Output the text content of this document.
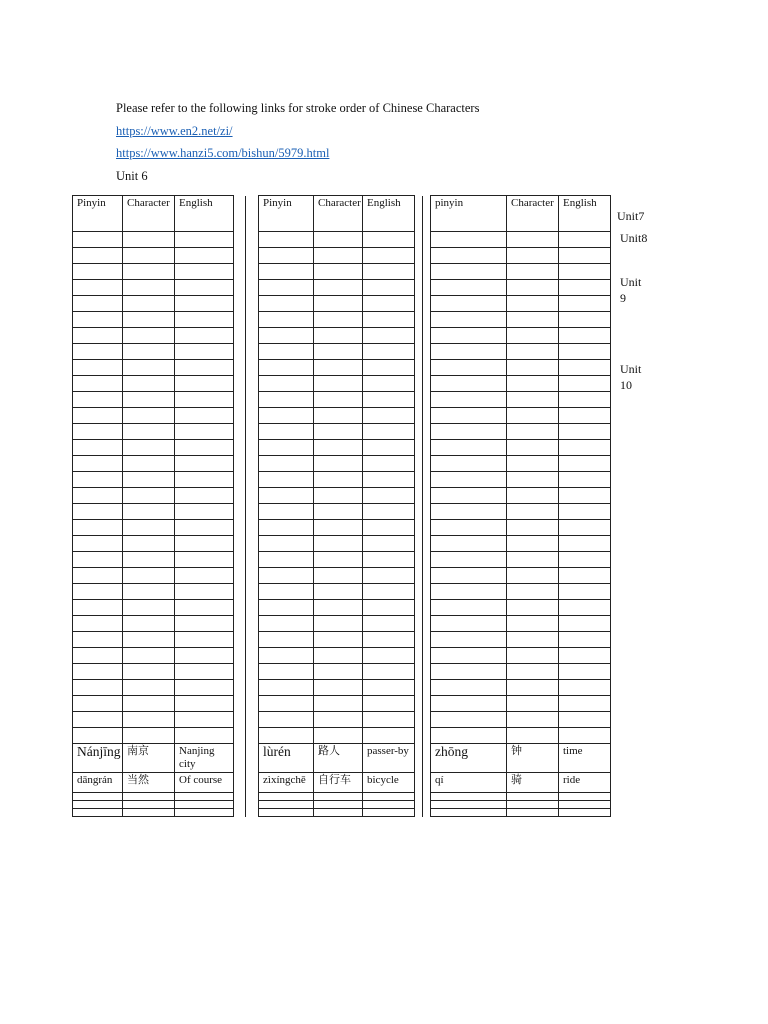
Please refer to the following links for stroke order of Chinese Characters
https://www.en2.net/zi/
https://www.hanzi5.com/bishun/5979.html
Unit 6
Pinyin	Character	English			Pinyin	Character	English			pinyin	Character	English

Nánjīng	南京	Nanjing city			lùrén	路人	passer-by			zhōng	钟	time
dāngrán	当然	Of course			zìxíngchē	自行车	bicycle			qí	骑	ride

Unit7
Unit8
Unit 9
Unit 10
